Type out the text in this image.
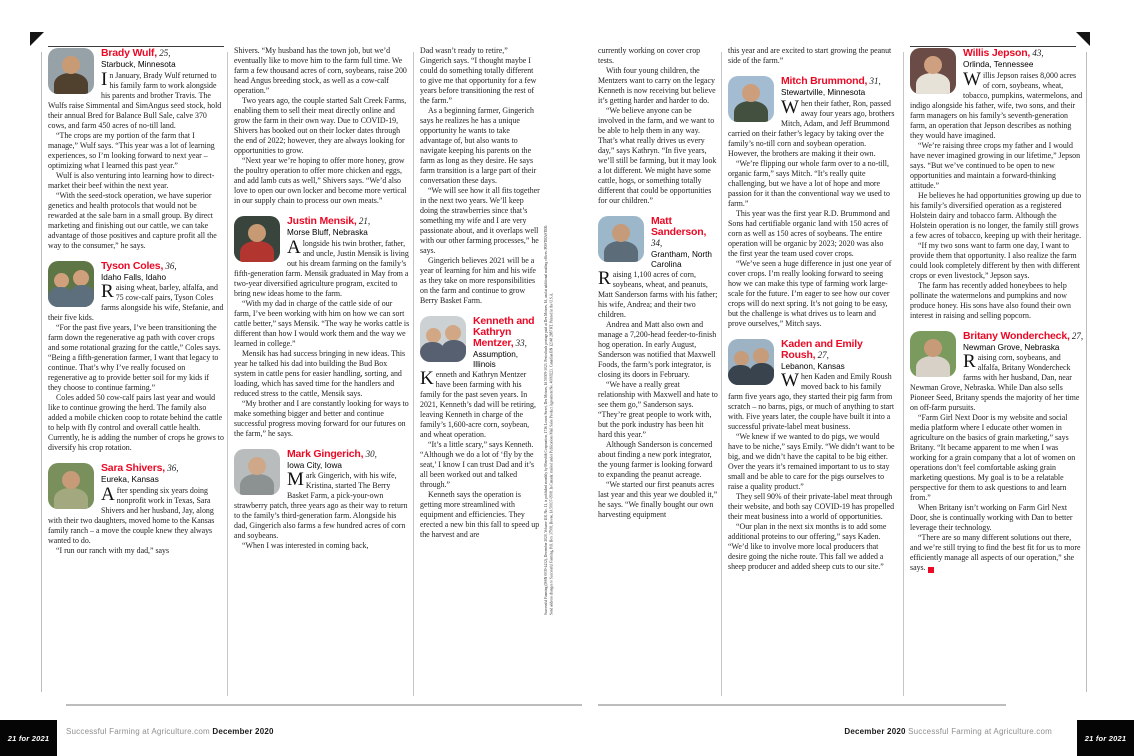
Brady Wulf, 25,
Starbuck, Minnesota

In January, Brady Wulf returned to his family farm to work alongside his parents and brother Travis. The Wulfs raise Simmental and SimAngus seed stock, hold their annual Bred for Balance Bull Sale, calve 370 cows, and farm 450 acres of no-till land.

“The crops are my portion of the farm that I manage,” Wulf says. “This year was a lot of learning experiences, so I’m looking forward to next year – optimizing what I learned this past year.”

Wulf is also venturing into learning how to direct-market their beef within the next year.

“With the seed-stock operation, we have superior genetics and health protocols that would not be rewarded at the sale barn in a small group. By direct marketing and finishing out our cattle, we can take advantage of those positives and capture profit all the way to the consumer,” he says.

Tyson Coles, 36,
Idaho Falls, Idaho

Raising wheat, barley, alfalfa, and 75 cow-calf pairs, Tyson Coles farms alongside his wife, Stefanie, and their five kids.

“For the past five years, I’ve been transitioning the farm down the regenerative ag path with cover crops and some rotational grazing for the cattle,” Coles says. “Being a fifth-generation farmer, I want that legacy to continue. That’s why I’ve really focused on regenerative ag to provide better soil for my kids if they choose to continue farming.”

Coles added 50 cow-calf pairs last year and would like to continue growing the herd. The family also added a mobile chicken coop to rotate behind the cattle to help with fly control and overall cattle health. Currently, he is adding the number of crops he grows to diversify his crop rotation.

Sara Shivers, 36,
Eureka, Kansas

After spending six years doing nonprofit work in Texas, Sara Shivers and her husband, Jay, along with their two daughters, moved home to the Kansas family ranch – a move the couple knew they always wanted to do.

“I run our ranch with my dad,” says

Shivers. “My husband has the town job, but we’d eventually like to move him to the farm full time. We farm a few thousand acres of corn, soybeans, raise 200 head Angus breeding stock, as well as a cow-calf operation.”

Two years ago, the couple started Salt Creek Farms, enabling them to sell their meat directly online and grow the farm in their own way. Due to COVID-19, Shivers has booked out on their locker dates through the end of 2022; however, they are always looking for opportunities to grow.

“Next year we’re hoping to offer more honey, grow the poultry operation to offer more chicken and eggs, and add lamb cuts as well,” Shivers says. “We’d also love to open our own locker and become more vertical in our supply chain to process our own meats.”

Justin Mensik, 21,
Morse Bluff, Nebraska

Alongside his twin brother, father, and uncle, Justin Mensik is living out his dream farming on the family’s fifth-generation farm. Mensik graduated in May from a two-year diversified agriculture program, excited to bring new ideas home to the farm.

“With my dad in charge of the cattle side of our farm, I’ve been working with him on how we can sort cattle better,” says Mensik. “The way he works cattle is different than how I would work them and the way we learned in college.”

Mensik has had success bringing in new ideas. This year he talked his dad into building the Bud Box system in cattle pens for easier handling, sorting, and loading, which has saved time for the handlers and reduced stress to the cattle, Mensik says.

“My brother and I are constantly looking for ways to make something bigger and better and continue successful progress moving forward for our futures on the farm,” he says.

Mark Gingerich, 30,
Iowa City, Iowa

Mark Gingerich, with his wife, Kristina, started The Berry Basket Farm, a pick-your-own strawberry patch, three years ago as their way to return to the family’s third-generation farm. Alongside his dad, Gingerich also farms a few hundred acres of corn and soybeans.

“When I was interested in coming back,

Dad wasn’t ready to retire,” Gingerich says. “I thought maybe I could do something totally different to give me that opportunity for a few years before transitioning the rest of the farm.”

As a beginning farmer, Gingerich says he realizes he has a unique opportunity he wants to take advantage of, but also wants to navigate keeping his parents on the farm as long as they desire. He says farm transition is a large part of their conversation these days.

“We will see how it all fits together in the next two years. We’ll keep doing the strawberries since that’s something my wife and I are very passionate about, and it overlaps well with our other farming processes,” he says.

Gingerich believes 2021 will be a year of learning for him and his wife as they take on more responsibilities on the farm and continue to grow Berry Basket Farm.

Kenneth and Kathryn Mentzer, 33,
Assumption, Illinois

Kenneth and Kathryn Mentzer have been farming with his family for the past seven years. In 2021, Kenneth’s dad will be retiring, leaving Kenneth in charge of the family’s 1,600-acre corn, soybean, and wheat operation.

“It’s a little scary,” says Kenneth. “Although we do a lot of ‘fly by the seat,’ I know I can trust Dad and it’s all been worked out and talked through.”

Kenneth says the operation is getting more streamlined with equipment and efficiencies. They erected a new bin this fall to speed up the harvest and are

currently working on cover crop tests.

With four young children, the Mentzers want to carry on the legacy Kenneth is now receiving but believe it’s getting harder and harder to do.

“We believe anyone can be involved in the farm, and we want to be able to help them in any way. That’s what really drives us every day,” says Kathryn. “In five years, we’ll still be farming, but it may look a lot different. We might have some cattle, hogs, or something totally different that could be opportunities for our children.”

Matt Sanderson, 34,
Grantham, North Carolina

Raising 1,100 acres of corn, soybeans, wheat, and peanuts, Matt Sanderson farms with his father; his wife, Andrea; and their two children.

Andrea and Matt also own and manage a 7,200-head feeder-to-finish hog operation. In early August, Sanderson was notified that Maxwell Foods, the farm’s pork integrator, is closing its doors in February.

“We have a really great relationship with Maxwell and hate to see them go,” Sanderson says. “They’re great people to work with, but the pork industry has been hit hard this year.”

Although Sanderson is concerned about finding a new pork integrator, the young farmer is looking forward to expanding the peanut acreage.

“We started our first peanuts acres last year and this year we doubled it,” he says. “We finally bought our own harvesting equipment

this year and are excited to start growing the peanut side of the farm.”

Mitch Brummond, 31,
Stewartville, Minnesota

When their father, Ron, passed away four years ago, brothers Mitch, Adam, and Jeff Brummond carried on their father’s legacy by taking over the family’s no-till corn and soybean operation. However, the brothers are making it their own.

“We’re flipping our whole farm over to a no-till, organic farm,” says Mitch. “It’s really quite challenging, but we have a lot of hope and more passion for it than the conventional way we used to farm.”

This year was the first year R.D. Brummond and Sons had certifiable organic land with 150 acres of corn as well as 150 acres of soybeans. The entire operation will be organic by 2023; 2020 was also the first year the team used cover crops.

“We’ve seen a huge difference in just one year of cover crops. I’m really looking forward to seeing how we can make this type of farming work large-scale for the future. I’m eager to see how our cover crops will do next spring. It’s not going to be easy, but the challenge is what drives us to learn and prove ourselves,” Mitch says.

Kaden and Emily Roush, 27,
Lebanon, Kansas

When Kaden and Emily Roush moved back to his family farm five years ago, they started their pig farm from scratch – no barns, pigs, or much of anything to start with. Five years later, the couple have built it into a successful private-label meat business.

“We knew if we wanted to do pigs, we would have to be niche,” says Emily. “We didn’t want to be big, and we didn’t have the capital to be big either. Over the years it’s remained important to us to stay small and be able to care for the pigs ourselves to raise a quality product.”

They sell 90% of their private-label meat through their website, and both say COVID-19 has propelled their meat business into a world of opportunities.

“Our plan in the next six months is to add some additional proteins to our offering,” says Kaden. “We’d like to involve more local producers that desire going the niche route. This fall we added a sheep producer and added sheep cuts to our site.”

Willis Jepson, 43,
Orlinda, Tennessee

Willis Jepson raises 8,000 acres of corn, soybeans, wheat, tobacco, pumpkins, watermelons, and indigo alongside his father, wife, two sons, and their farm managers on his family’s seventh-generation farm, an operation that Jepson describes as nothing they would have imagined.

“We’re raising three crops my father and I would have never imagined growing in our lifetime,” Jepson says. “But we’ve continued to be open to new opportunities and maintain a forward-thinking attitude.”

He believes he had opportunities growing up due to his family’s diversified operation as a registered Holstein dairy and tobacco farm. Although the Holstein operation is no longer, the family still grows a few acres of tobacco, keeping up with their heritage.

“If my two sons want to farm one day, I want to provide them that opportunity. I also realize the farm could look completely different by then with different crops or even livestock,” Jepson says.

The farm has recently added honeybees to help pollinate the watermelons and pumpkins and now produce honey. His sons have also found their own interest in raising and selling popcorn.

Britany Wondercheck, 27,
Newman Grove, Nebraska

Raising corn, soybeans, and alfalfa, Britany Wondercheck farms with her husband, Dan, near Newman Grove, Nebraska. While Dan also sells Pioneer Seed, Britany spends the majority of her time on off-farm pursuits.

“Farm Girl Next Door is my website and social media platform where I educate other women in agriculture on the basics of grain marketing,” says Britany. “It became apparent to me when I was working for a grain company that a lot of women on operations don’t feel comfortable asking grain marketing questions. My goal is to be a relatable perspective for them to ask questions to and learn from.”

When Britany isn’t working on Farm Girl Next Door, she is continually working with Dan to better leverage their technology.

“There are so many different solutions out there, and we’re still trying to find the best fit for us to more efficiently manage all aspects of our operation,” she says.	SF

Successful Farming (ISSN 0039-4432), December 2020, Volume 118, No. 11, is published monthly by Meredith Corporation, 1716 Locust Street, Des Moines, IA 50309-3023. Periodicals postage paid at Des Moines, IA, and at additional mailing offices. POSTMASTER: Send address changes to Successful Farming, P.O. Box 37508, Boone, IA 50037-0508. In Canada: mailed under Publications Mail Sales Product Agreement No. 40069223. Canadian BN 12348 2887 RT. Printed in the U.S.A.
Successful Farming at Agriculture.com December 2020	December 2020 Successful Farming at Agriculture.com
21 for 2021	21 for 2021
